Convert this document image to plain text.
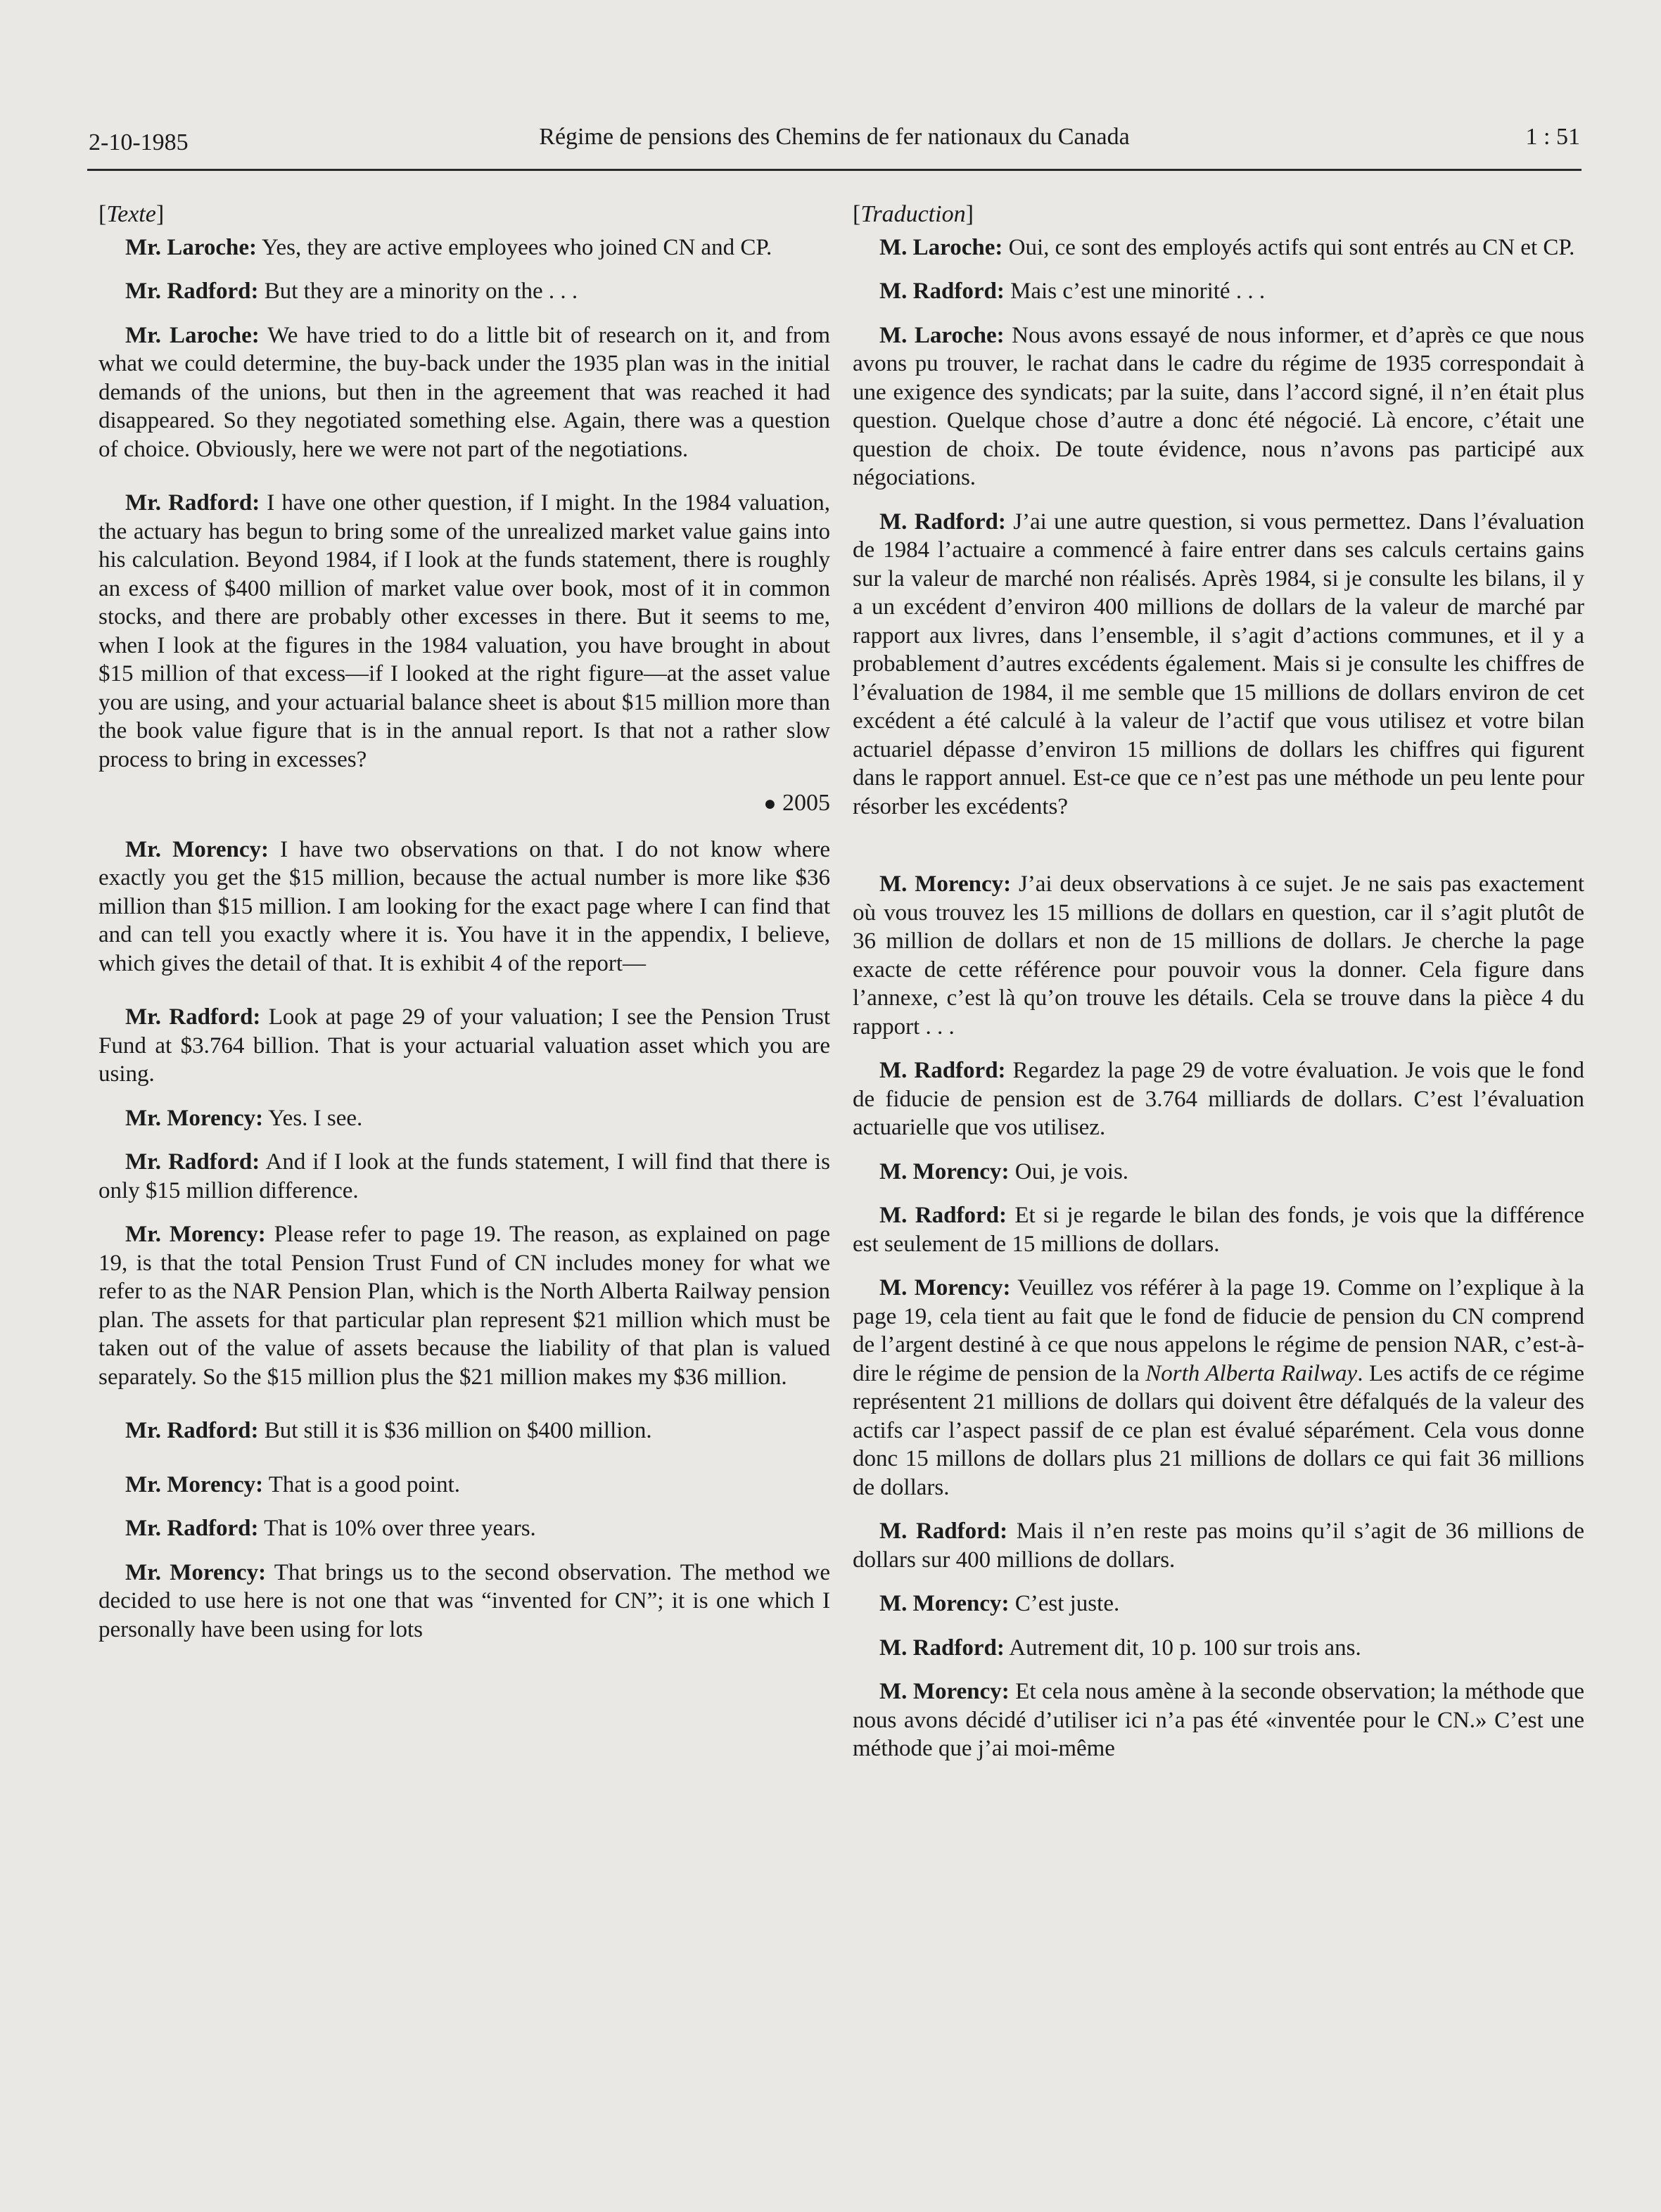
2-10-1985	Régime de pensions des Chemins de fer nationaux du Canada	1 : 51

[Texte]

Mr. Laroche: Yes, they are active employees who joined CN and CP.

Mr. Radford: But they are a minority on the . . .

Mr. Laroche: We have tried to do a little bit of research on it, and from what we could determine, the buy-back under the 1935 plan was in the initial demands of the unions, but then in the agreement that was reached it had disappeared. So they negotiated something else. Again, there was a question of choice. Obviously, here we were not part of the negotiations.

Mr. Radford: I have one other question, if I might. In the 1984 valuation, the actuary has begun to bring some of the unrealized market value gains into his calculation. Beyond 1984, if I look at the funds statement, there is roughly an excess of $400 million of market value over book, most of it in common stocks, and there are probably other excesses in there. But it seems to me, when I look at the figures in the 1984 valuation, you have brought in about $15 million of that excess—if I looked at the right figure—at the asset value you are using, and your actuarial balance sheet is about $15 million more than the book value figure that is in the annual report. Is that not a rather slow process to bring in excesses?

● 2005

Mr. Morency: I have two observations on that. I do not know where exactly you get the $15 million, because the actual number is more like $36 million than $15 million. I am looking for the exact page where I can find that and can tell you exactly where it is. You have it in the appendix, I believe, which gives the detail of that. It is exhibit 4 of the report—

Mr. Radford: Look at page 29 of your valuation; I see the Pension Trust Fund at $3.764 billion. That is your actuarial valuation asset which you are using.

Mr. Morency: Yes. I see.

Mr. Radford: And if I look at the funds statement, I will find that there is only $15 million difference.

Mr. Morency: Please refer to page 19. The reason, as explained on page 19, is that the total Pension Trust Fund of CN includes money for what we refer to as the NAR Pension Plan, which is the North Alberta Railway pension plan. The assets for that particular plan represent $21 million which must be taken out of the value of assets because the liability of that plan is valued separately. So the $15 million plus the $21 million makes my $36 million.

Mr. Radford: But still it is $36 million on $400 million.

Mr. Morency: That is a good point.

Mr. Radford: That is 10% over three years.

Mr. Morency: That brings us to the second observation. The method we decided to use here is not one that was “invented for CN”; it is one which I personally have been using for lots

[Traduction]

M. Laroche: Oui, ce sont des employés actifs qui sont entrés au CN et CP.

M. Radford: Mais c’est une minorité . . .

M. Laroche: Nous avons essayé de nous informer, et d’après ce que nous avons pu trouver, le rachat dans le cadre du régime de 1935 correspondait à une exigence des syndicats; par la suite, dans l’accord signé, il n’en était plus question. Quelque chose d’autre a donc été négocié. Là encore, c’était une question de choix. De toute évidence, nous n’avons pas participé aux négociations.

M. Radford: J’ai une autre question, si vous permettez. Dans l’évaluation de 1984 l’actuaire a commencé à faire entrer dans ses calculs certains gains sur la valeur de marché non réalisés. Après 1984, si je consulte les bilans, il y a un excédent d’environ 400 millions de dollars de la valeur de marché par rapport aux livres, dans l’ensemble, il s’agit d’actions communes, et il y a probablement d’autres excédents également. Mais si je consulte les chiffres de l’évaluation de 1984, il me semble que 15 millions de dollars environ de cet excédent a été calculé à la valeur de l’actif que vous utilisez et votre bilan actuariel dépasse d’environ 15 millions de dollars les chiffres qui figurent dans le rapport annuel. Est-ce que ce n’est pas une méthode un peu lente pour résorber les excédents?

M. Morency: J’ai deux observations à ce sujet. Je ne sais pas exactement où vous trouvez les 15 millions de dollars en question, car il s’agit plutôt de 36 million de dollars et non de 15 millions de dollars. Je cherche la page exacte de cette référence pour pouvoir vous la donner. Cela figure dans l’annexe, c’est là qu’on trouve les détails. Cela se trouve dans la pièce 4 du rapport . . .

M. Radford: Regardez la page 29 de votre évaluation. Je vois que le fond de fiducie de pension est de 3.764 milliards de dollars. C’est l’évaluation actuarielle que vos utilisez.

M. Morency: Oui, je vois.

M. Radford: Et si je regarde le bilan des fonds, je vois que la différence est seulement de 15 millions de dollars.

M. Morency: Veuillez vos référer à la page 19. Comme on l’explique à la page 19, cela tient au fait que le fond de fiducie de pension du CN comprend de l’argent destiné à ce que nous appelons le régime de pension NAR, c’est-à-dire le régime de pension de la North Alberta Railway. Les actifs de ce régime représentent 21 millions de dollars qui doivent être défalqués de la valeur des actifs car l’aspect passif de ce plan est évalué séparément. Cela vous donne donc 15 millons de dollars plus 21 millions de dollars ce qui fait 36 millions de dollars.

M. Radford: Mais il n’en reste pas moins qu’il s’agit de 36 millions de dollars sur 400 millions de dollars.

M. Morency: C’est juste.

M. Radford: Autrement dit, 10 p. 100 sur trois ans.

M. Morency: Et cela nous amène à la seconde observation; la méthode que nous avons décidé d’utiliser ici n’a pas été «inventée pour le CN.» C’est une méthode que j’ai moi-même
